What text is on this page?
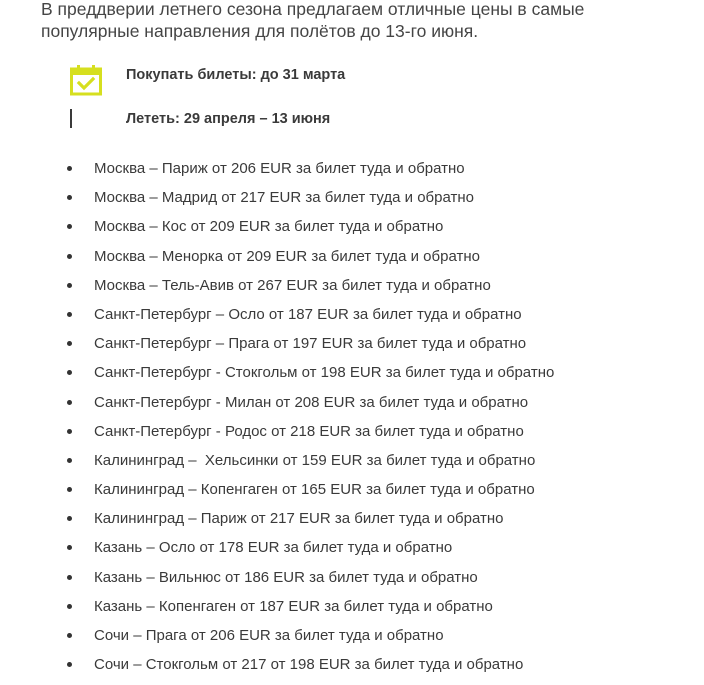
В преддверии летнего сезона предлагаем отличные цены в самые популярные направления для полётов до 13-го июня.

Покупать билеты: до 31 марта
Лететь: 29 апреля – 13 июня
Москва – Париж от 206 EUR за билет туда и обратно
Москва – Мадрид от 217 EUR за билет туда и обратно
Москва – Кос от 209 EUR за билет туда и обратно
Москва – Менорка от 209 EUR за билет туда и обратно
Москва – Тель-Авив от 267 EUR за билет туда и обратно
Санкт-Петербург – Осло от 187 EUR за билет туда и обратно
Санкт-Петербург – Прага от 197 EUR за билет туда и обратно
Санкт-Петербург - Стокгольм от 198 EUR за билет туда и обратно
Санкт-Петербург - Милан от 208 EUR за билет туда и обратно
Санкт-Петербург - Родос от 218 EUR за билет туда и обратно
Калининград –  Хельсинки от 159 EUR за билет туда и обратно
Калининград – Копенгаген от 165 EUR за билет туда и обратно
Калининград – Париж от 217 EUR за билет туда и обратно
Казань – Осло от 178 EUR за билет туда и обратно
Казань – Вильнюс от 186 EUR за билет туда и обратно
Казань – Копенгаген от 187 EUR за билет туда и обратно
Сочи – Прага от 206 EUR за билет туда и обратно
Сочи – Стокгольм от 217 от 198 EUR за билет туда и обратно
